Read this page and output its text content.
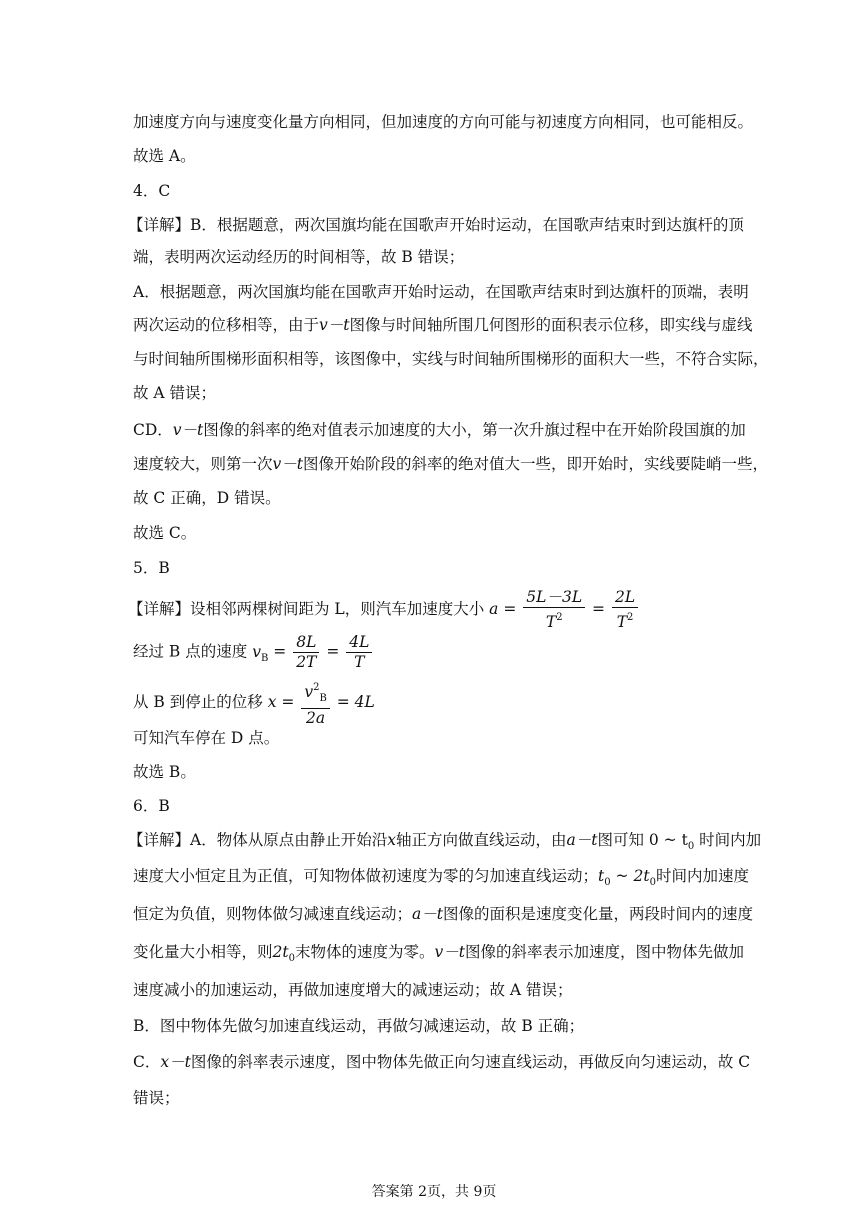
加速度方向与速度变化量方向相同，但加速度的方向可能与初速度方向相同，也可能相反。
故选 A。
4．C
【详解】B．根据题意，两次国旗均能在国歌声开始时运动，在国歌声结束时到达旗杆的顶
端，表明两次运动经历的时间相等，故 B 错误；
A．根据题意，两次国旗均能在国歌声开始时运动，在国歌声结束时到达旗杆的顶端，表明
两次运动的位移相等，由于v－t图像与时间轴所围几何图形的面积表示位移，即实线与虚线
与时间轴所围梯形面积相等，该图像中，实线与时间轴所围梯形的面积大一些，不符合实际，
故 A 错误；
CD．v－t图像的斜率的绝对值表示加速度的大小，第一次升旗过程中在开始阶段国旗的加
速度较大，则第一次v－t图像开始阶段的斜率的绝对值大一些，即开始时，实线要陡峭一些，
故 C 正确，D 错误。
故选 C。
5．B
【详解】设相邻两棵树间距为 L，则汽车加速度大小 $a = \frac{5L-3L}{T^2} = \frac{2L}{T^2}$
经过 B 点的速度 $v_B = \frac{8L}{2T} = \frac{4L}{T}$
从 B 到停止的位移 $x = \frac{v^2_B}{2a} = 4L$
可知汽车停在 D 点。
故选 B。
6．B
【详解】A．物体从原点由静止开始沿x轴正方向做直线运动，由a－t图可知 0 ~ $t_0$ 时间内加
速度大小恒定且为正值，可知物体做初速度为零的匀加速直线运动；$t_0$ ~ $2t_0$时间内加速度
恒定为负值，则物体做匀减速直线运动；a－t图像的面积是速度变化量，两段时间内的速度
变化量大小相等，则$2t_0$末物体的速度为零。v－t图像的斜率表示加速度，图中物体先做加
速度减小的加速运动，再做加速度增大的减速运动；故 A 错误；
B．图中物体先做匀加速直线运动，再做匀减速运动，故 B 正确；
C．x－t图像的斜率表示速度，图中物体先做正向匀速直线运动，再做反向匀速运动，故 C
错误；
答案第 2页，共 9页
